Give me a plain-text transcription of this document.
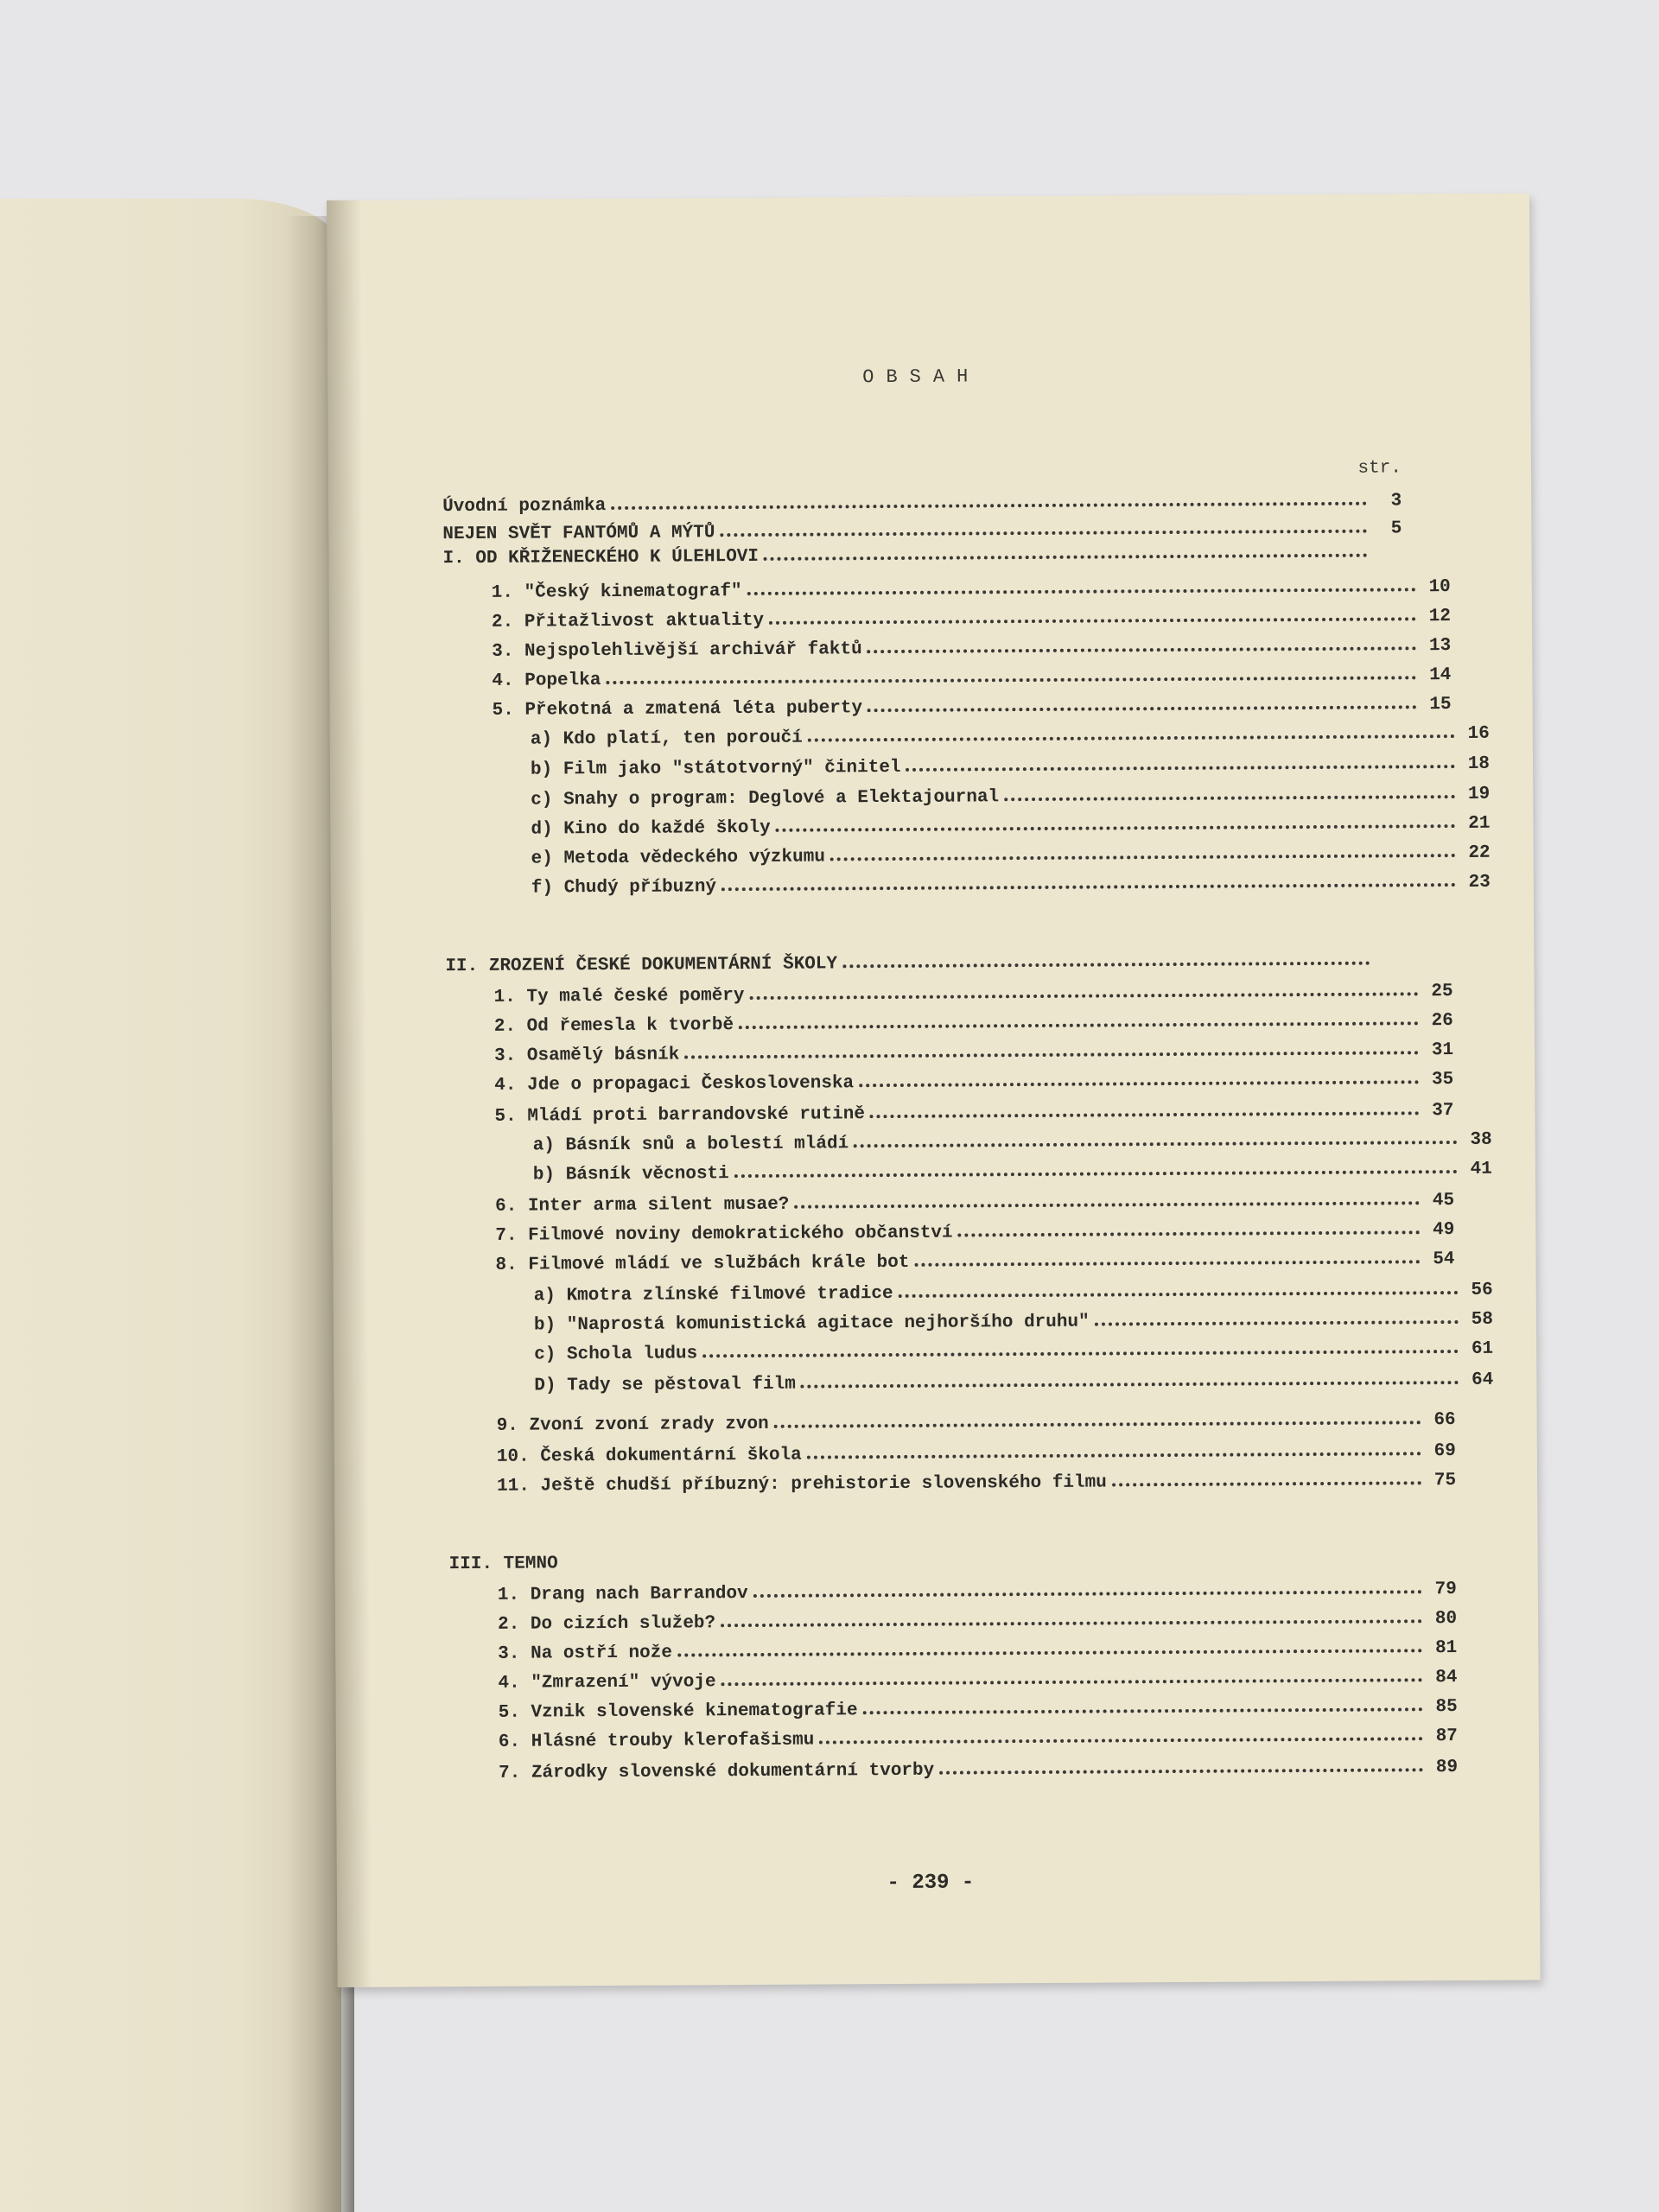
OBSAH
str.
- 239 -
Úvodní poznámka	3
NEJEN SVĚT FANTÓMŮ A MÝTŮ	5
I. OD KŘIŽENECKÉHO K ÚLEHLOVI
1. "Český kinematograf"	10
2. Přitažlivost aktuality	12
3. Nejspolehlivější archivář faktů	13
4. Popelka	14
5. Překotná a zmatená léta puberty	15
a) Kdo platí, ten poroučí	16
b) Film jako "státotvorný" činitel	18
c) Snahy o program: Deglové a Elektajournal	19
d) Kino do každé školy	21
e) Metoda vědeckého výzkumu	22
f) Chudý příbuzný	23
II. ZROZENÍ ČESKÉ DOKUMENTÁRNÍ ŠKOLY
1. Ty malé české poměry	25
2. Od řemesla k tvorbě	26
3. Osamělý básník	31
4. Jde o propagaci Československa	35
5. Mládí proti barrandovské rutině	37
a) Básník snů a bolestí mládí	38
b) Básník věcnosti	41
6. Inter arma silent musae?	45
7. Filmové noviny demokratického občanství	49
8. Filmové mládí ve službách krále bot	54
a) Kmotra zlínské filmové tradice	56
b) "Naprostá komunistická agitace nejhoršího druhu"	58
c) Schola ludus	61
D) Tady se pěstoval film	64
9. Zvoní zvoní zrady zvon	66
10. Česká dokumentární škola	69
11. Ještě chudší příbuzný: prehistorie slovenského filmu	75
III. TEMNO
1. Drang nach Barrandov	79
2. Do cizích služeb?	80
3. Na ostří nože	81
4. "Zmrazení" vývoje	84
5. Vznik slovenské kinematografie	85
6. Hlásné trouby klerofašismu	87
7. Zárodky slovenské dokumentární tvorby	89
